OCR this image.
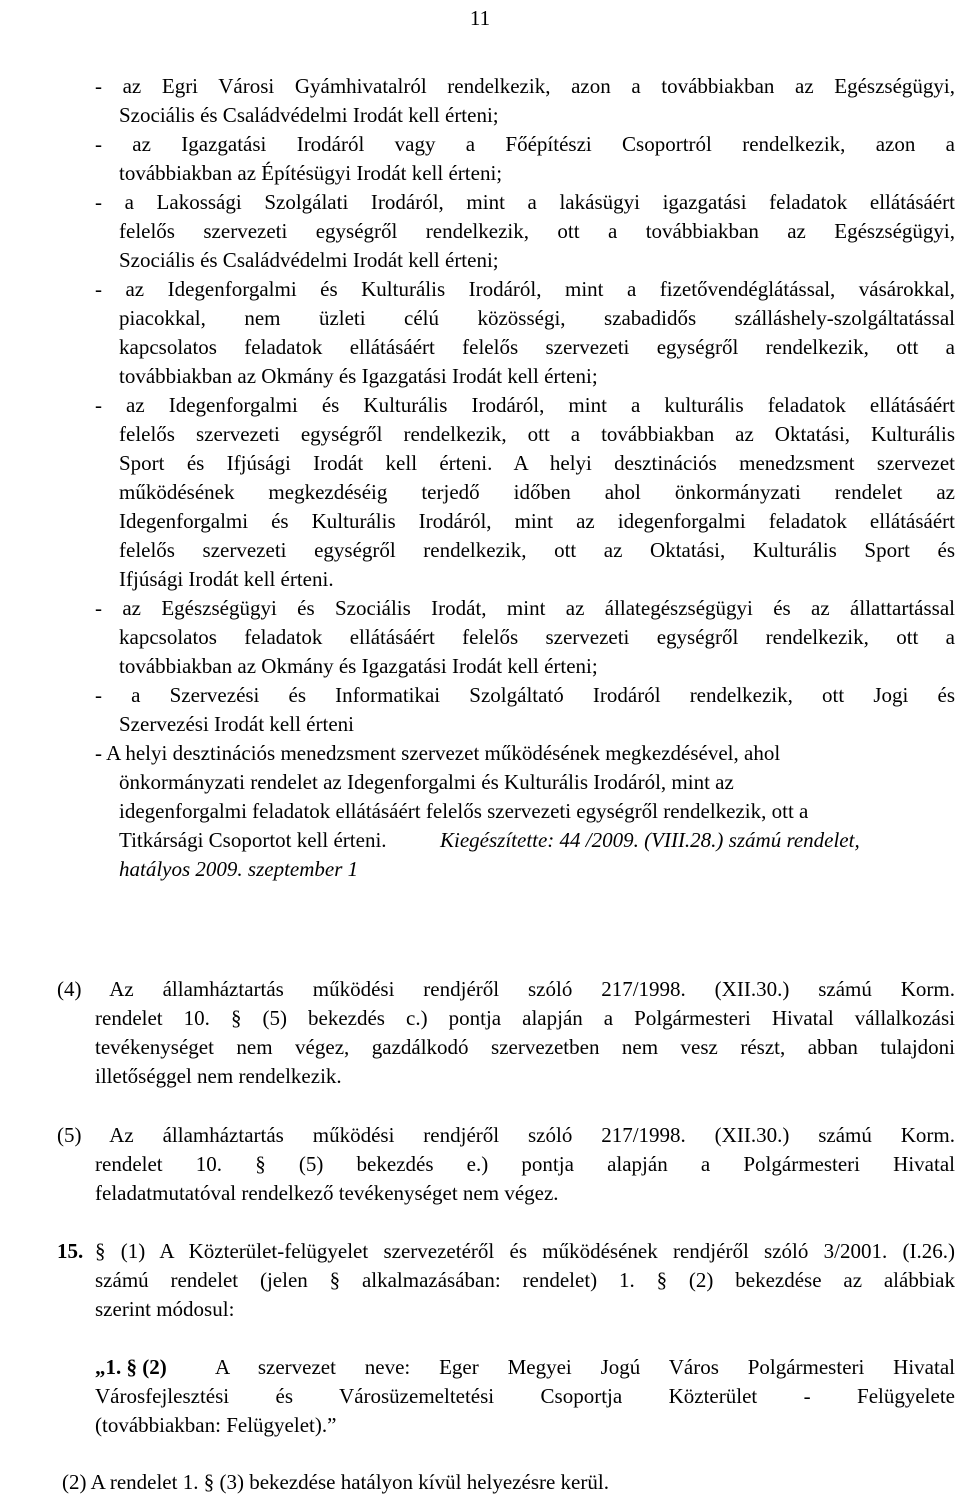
11
- az Egri Városi Gyámhivatalról rendelkezik, azon a továbbiakban az Egészségügyi,
Szociális és Családvédelmi Irodát kell érteni;
- az Igazgatási Irodáról vagy a Főépítészi Csoportról rendelkezik, azon a
továbbiakban az Építésügyi Irodát kell érteni;
- a Lakossági Szolgálati Irodáról, mint a lakásügyi igazgatási feladatok ellátásáért
felelős szervezeti egységről rendelkezik, ott a továbbiakban az Egészségügyi,
Szociális és Családvédelmi Irodát kell érteni;
- az Idegenforgalmi és Kulturális Irodáról, mint a fizetővendéglátással, vásárokkal,
piacokkal, nem üzleti célú közösségi, szabadidős szálláshely-szolgáltatással
kapcsolatos feladatok ellátásáért felelős szervezeti egységről rendelkezik, ott a
továbbiakban az Okmány és Igazgatási Irodát kell érteni;
- az Idegenforgalmi és Kulturális Irodáról, mint a kulturális feladatok ellátásáért
felelős szervezeti egységről rendelkezik, ott a továbbiakban az Oktatási, Kulturális
Sport és Ifjúsági Irodát kell érteni. A helyi desztinációs menedzsment szervezet
működésének megkezdéséig terjedő időben ahol önkormányzati rendelet az
Idegenforgalmi és Kulturális Irodáról, mint az idegenforgalmi feladatok ellátásáért
felelős szervezeti egységről rendelkezik, ott az Oktatási, Kulturális Sport és
Ifjúsági Irodát kell érteni.
- az Egészségügyi és Szociális Irodát, mint az állategészségügyi és az állattartással
kapcsolatos feladatok ellátásáért felelős szervezeti egységről rendelkezik, ott a
továbbiakban az Okmány és Igazgatási Irodát kell érteni;
- a Szervezési és Informatikai Szolgáltató Irodáról rendelkezik, ott Jogi és
Szervezési Irodát kell érteni
- A helyi desztinációs menedzsment szervezet működésének megkezdésével, ahol
önkormányzati rendelet az Idegenforgalmi és Kulturális Irodáról, mint az
idegenforgalmi feladatok ellátásáért felelős szervezeti egységről rendelkezik, ott a
Titkársági Csoportot kell érteni.	Kiegészítette: 44 /2009. (VIII.28.) számú rendelet,
hatályos 2009. szeptember 1
(4) Az államháztartás működési rendjéről szóló 217/1998. (XII.30.) számú Korm.
rendelet 10. § (5) bekezdés c.) pontja alapján a Polgármesteri Hivatal vállalkozási
tevékenységet nem végez, gazdálkodó szervezetben nem vesz részt, abban tulajdoni
illetőséggel nem rendelkezik.
(5) Az államháztartás működési rendjéről szóló 217/1998. (XII.30.) számú Korm.
rendelet 10. § (5) bekezdés e.) pontja alapján a Polgármesteri Hivatal
feladatmutatóval rendelkező tevékenységet nem végez.
15. § (1) A Közterület-felügyelet szervezetéről és működésének rendjéről szóló 3/2001. (I.26.)
számú rendelet (jelen § alkalmazásában: rendelet) 1. § (2) bekezdése az alábbiak
szerint módosul:
„1. § (2) A szervezet neve: Eger Megyei Jogú Város Polgármesteri Hivatal
Városfejlesztési és Városüzemeltetési Csoportja Közterület - Felügyelete
(továbbiakban: Felügyelet).”
(2) A rendelet 1. § (3) bekezdése hatályon kívül helyezésre kerül.
